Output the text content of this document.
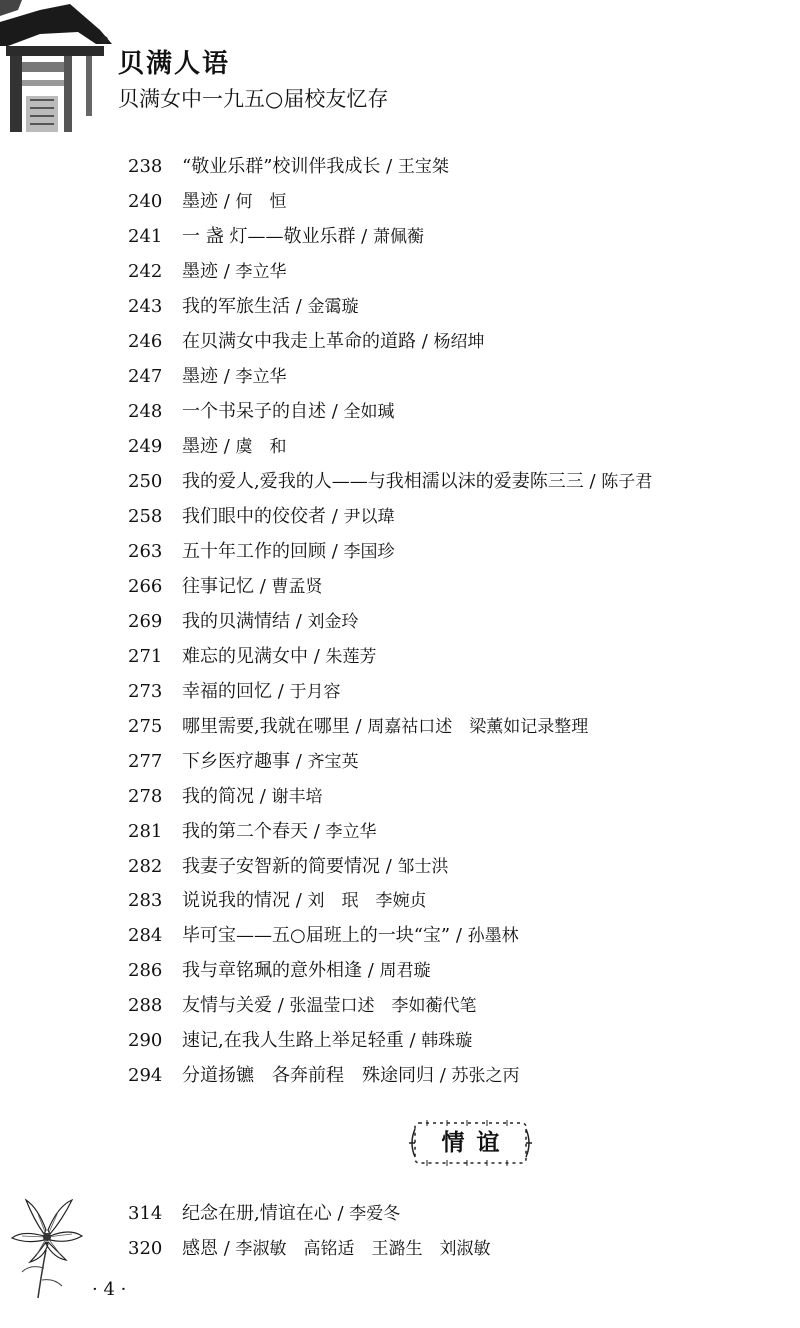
贝满人语
贝满女中一九五○届校友忆存
238	“敬业乐群”校训伴我成长 / 王宝桀
240	墨迹 / 何　恒
241	一 盏 灯——敬业乐群 / 萧佩蘅
242	墨迹 / 李立华
243	我的军旅生活 / 金霭璇
246	在贝满女中我走上革命的道路 / 杨绍坤
247	墨迹 / 李立华
248	一个书呆子的自述 / 全如瑊
249	墨迹 / 虞　和
250	我的爱人,爱我的人——与我相濡以沫的爱妻陈三三 / 陈子君
258	我们眼中的佼佼者 / 尹以瑋
263	五十年工作的回顾 / 李国珍
266	往事记忆 / 曹孟贤
269	我的贝满情结 / 刘金玲
271	难忘的见满女中 / 朱莲芳
273	幸福的回忆 / 于月容
275	哪里需要,我就在哪里 / 周嘉祜口述　梁薰如记录整理
277	下乡医疗趣事 / 齐宝英
278	我的简况 / 谢丰培
281	我的第二个春天 / 李立华
282	我妻子安智新的简要情况 / 邹士洪
283	说说我的情况 / 刘　珉　李婉贞
284	毕可宝——五○届班上的一块“宝” / 孙墨林
286	我与章铭珮的意外相逢 / 周君璇
288	友情与关爱 / 张温莹口述　李如蘅代笔
290	速记,在我人生路上举足轻重 / 韩珠璇
294	分道扬镳　各奔前程　殊途同归 / 苏张之丙
情谊
314	纪念在册,情谊在心 / 李爱冬
320	感恩 / 李淑敏　高铭适　王潞生　刘淑敏
· 4 ·
